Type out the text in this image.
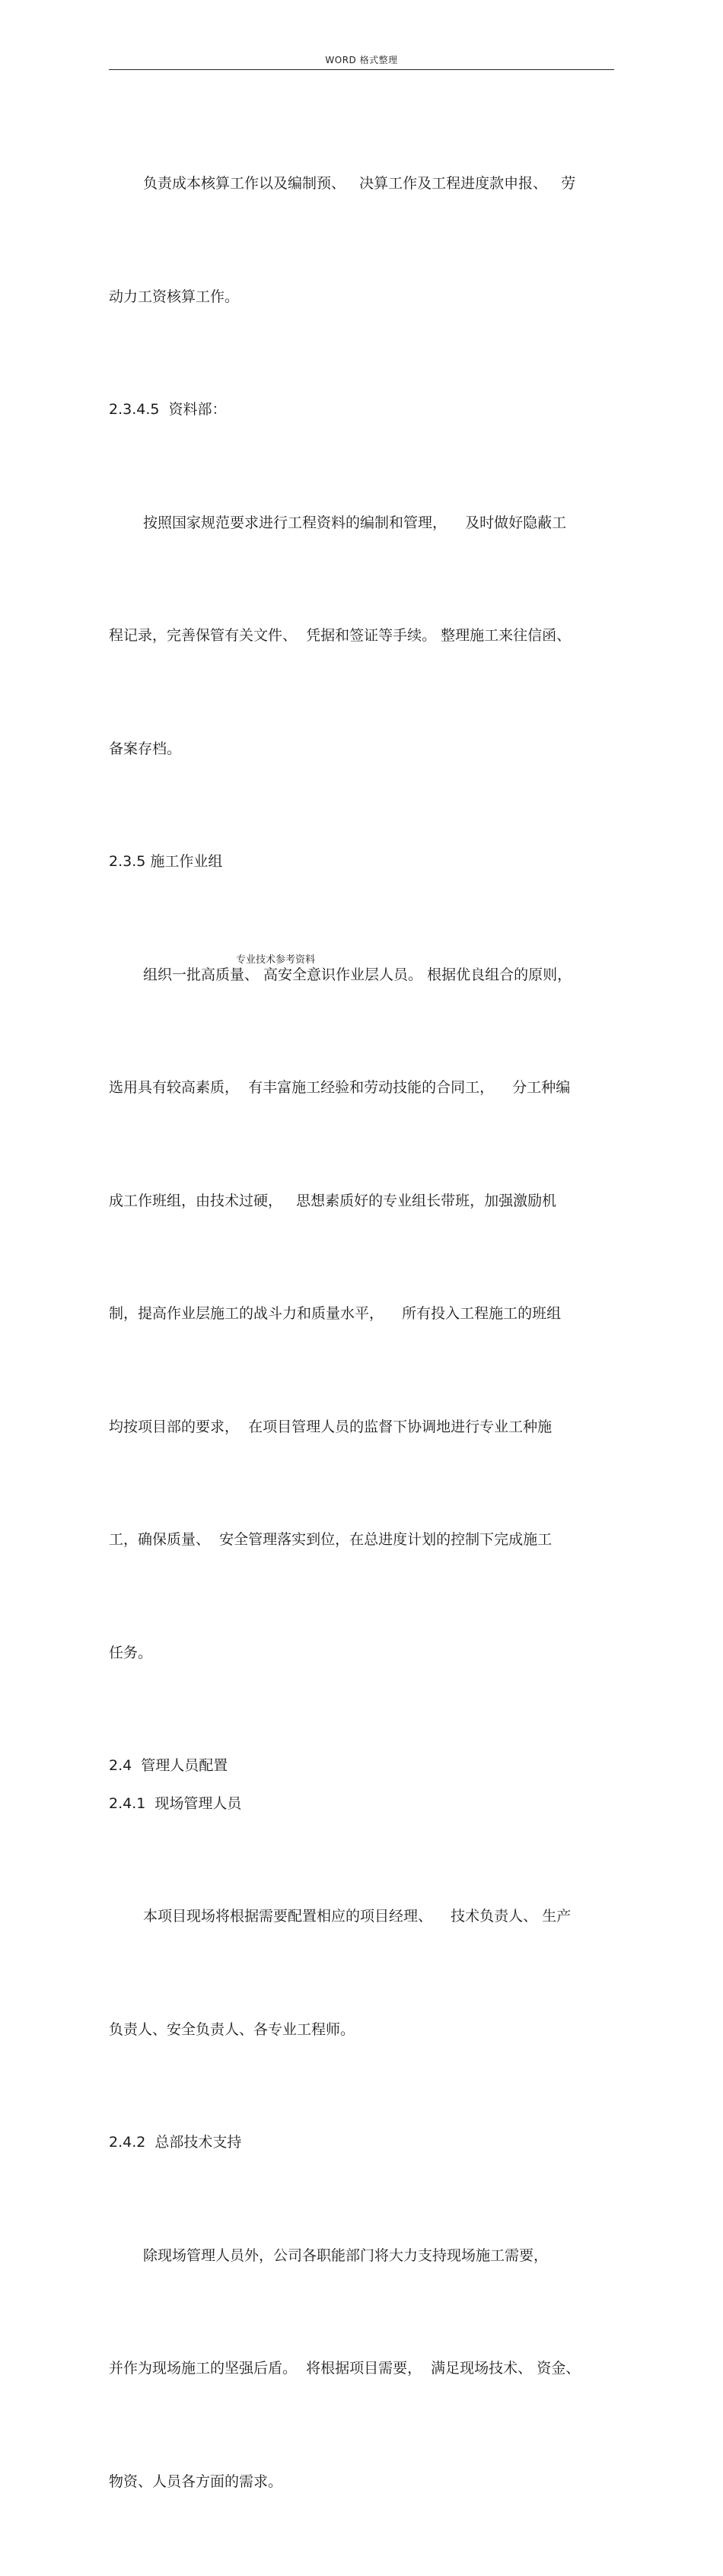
WORD 格式整理

负责成本核算工作以及编制预、   决算工作及工程进度款申报、   劳

动力工资核算工作。

2.3.4.5  资料部：

按照国家规范要求进行工程资料的编制和管理，    及时做好隐蔽工

程记录，完善保管有关文件、  凭据和签证等手续。 整理施工来往信函、

备案存档。

2.3.5 施工作业组

组织一批高质量、 高安全意识作业层人员。 根据优良组合的原则，

选用具有较高素质，  有丰富施工经验和劳动技能的合同工，    分工种编

成工作班组，由技术过硬，   思想素质好的专业组长带班，加强激励机

制，提高作业层施工的战斗力和质量水平，    所有投入工程施工的班组

均按项目部的要求，  在项目管理人员的监督下协调地进行专业工种施

工，确保质量、  安全管理落实到位，在总进度计划的控制下完成施工

任务。

2.4  管理人员配置
2.4.1  现场管理人员

本项目现场将根据需要配置相应的项目经理、    技术负责人、 生产

负责人、安全负责人、各专业工程师。

2.4.2  总部技术支持

除现场管理人员外，公司各职能部门将大力支持现场施工需要，

并作为现场施工的坚强后盾。  将根据项目需要，  满足现场技术、 资金、

物资、人员各方面的需求。

专业技术参考资料
